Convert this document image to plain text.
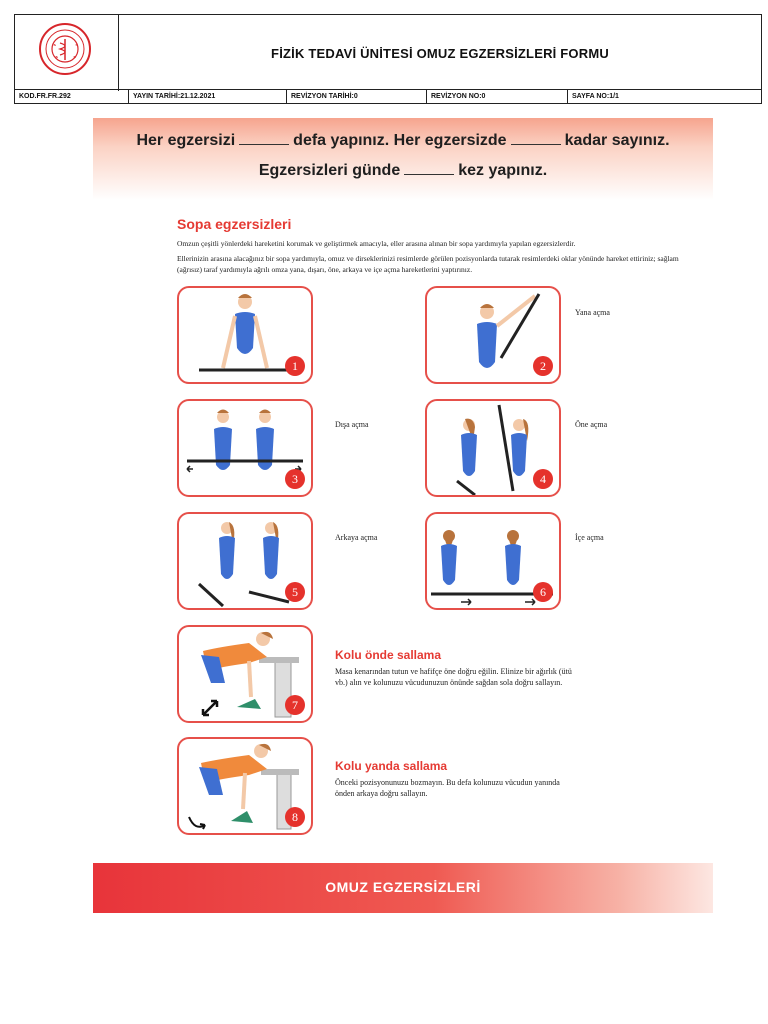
FİZİK TEDAVİ ÜNİTESİ OMUZ EGZERSİZLERİ FORMU
KOD.FR.FR.292	YAYIN TARİHİ:21.12.2021	REVİZYON TARİHİ:0	REVİZYON NO:0	SAYFA NO:1/1
Her egzersizi	defa yapınız. Her egzersizde	kadar sayınız.
Egzersizleri günde	kez yapınız.
Sopa egzersizleri
Omzun çeşitli yönlerdeki hareketini korumak ve geliştirmek amacıyla, eller arasına alınan bir sopa yardımıyla yapılan egzersizlerdir.
Ellerinizin arasına alacağınız bir sopa yardımıyla, omuz ve dirseklerinizi resimlerde görülen pozisyonlarda tutarak resimlerdeki oklar yönünde hareket ettiriniz; sağlam (ağrısız) taraf yardımıyla ağrılı omza yana, dışarı, öne, arkaya ve içe açma hareketlerini yaptırınız.
1	2
Yana açma
3
Dışa açma
4
Öne açma
5
Arkaya açma
6
İçe açma
7
Kolu önde sallama
Masa kenarından tutun ve hafifçe öne doğru eğilin. Elinize bir ağırlık (ütü vb.) alın ve kolunuzu vücudunuzun önünde sağdan sola doğru sallayın.
8
Kolu yanda sallama
Önceki pozisyonunuzu bozmayın. Bu defa kolunuzu vücudun yanında önden arkaya doğru sallayın.
OMUZ EGZERSİZLERİ
